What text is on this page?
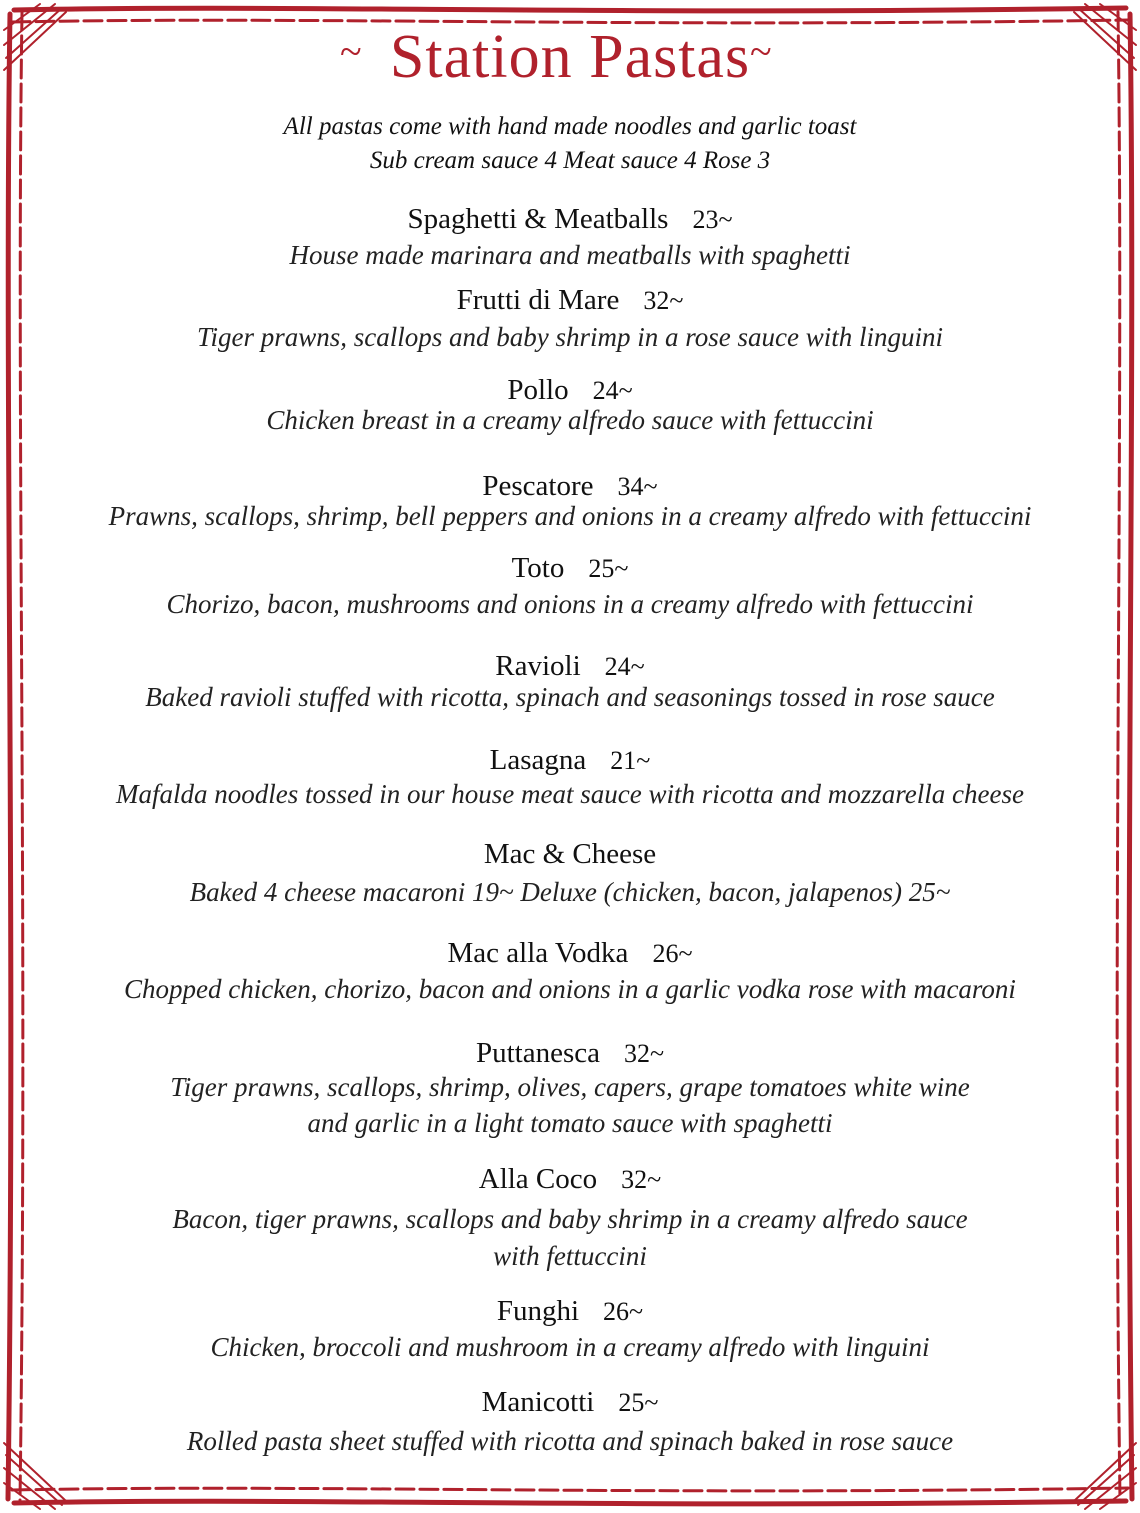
~ Station Pastas ~
All pastas come with hand made noodles and garlic toast
Sub cream sauce 4 Meat sauce 4 Rose 3
Spaghetti & Meatballs 23~
House made marinara and meatballs with spaghetti
Frutti di Mare 32~
Tiger prawns, scallops and baby shrimp in a rose sauce with linguini
Pollo 24~
Chicken breast in a creamy alfredo sauce with fettuccini
Pescatore 34~
Prawns, scallops, shrimp, bell peppers and onions in a creamy alfredo with fettuccini
Toto 25~
Chorizo, bacon, mushrooms and onions in a creamy alfredo with fettuccini
Ravioli 24~
Baked ravioli stuffed with ricotta, spinach and seasonings tossed in rose sauce
Lasagna 21~
Mafalda noodles tossed in our house meat sauce with ricotta and mozzarella cheese
Mac & Cheese
Baked 4 cheese macaroni 19~ Deluxe (chicken, bacon, jalapenos) 25~
Mac alla Vodka 26~
Chopped chicken, chorizo, bacon and onions in a garlic vodka rose with macaroni
Puttanesca 32~
Tiger prawns, scallops, shrimp, olives, capers, grape tomatoes white wine
and garlic in a light tomato sauce with spaghetti
Alla Coco 32~
Bacon, tiger prawns, scallops and baby shrimp in a creamy alfredo sauce
with fettuccini
Funghi 26~
Chicken, broccoli and mushroom in a creamy alfredo with linguini
Manicotti 25~
Rolled pasta sheet stuffed with ricotta and spinach baked in rose sauce
